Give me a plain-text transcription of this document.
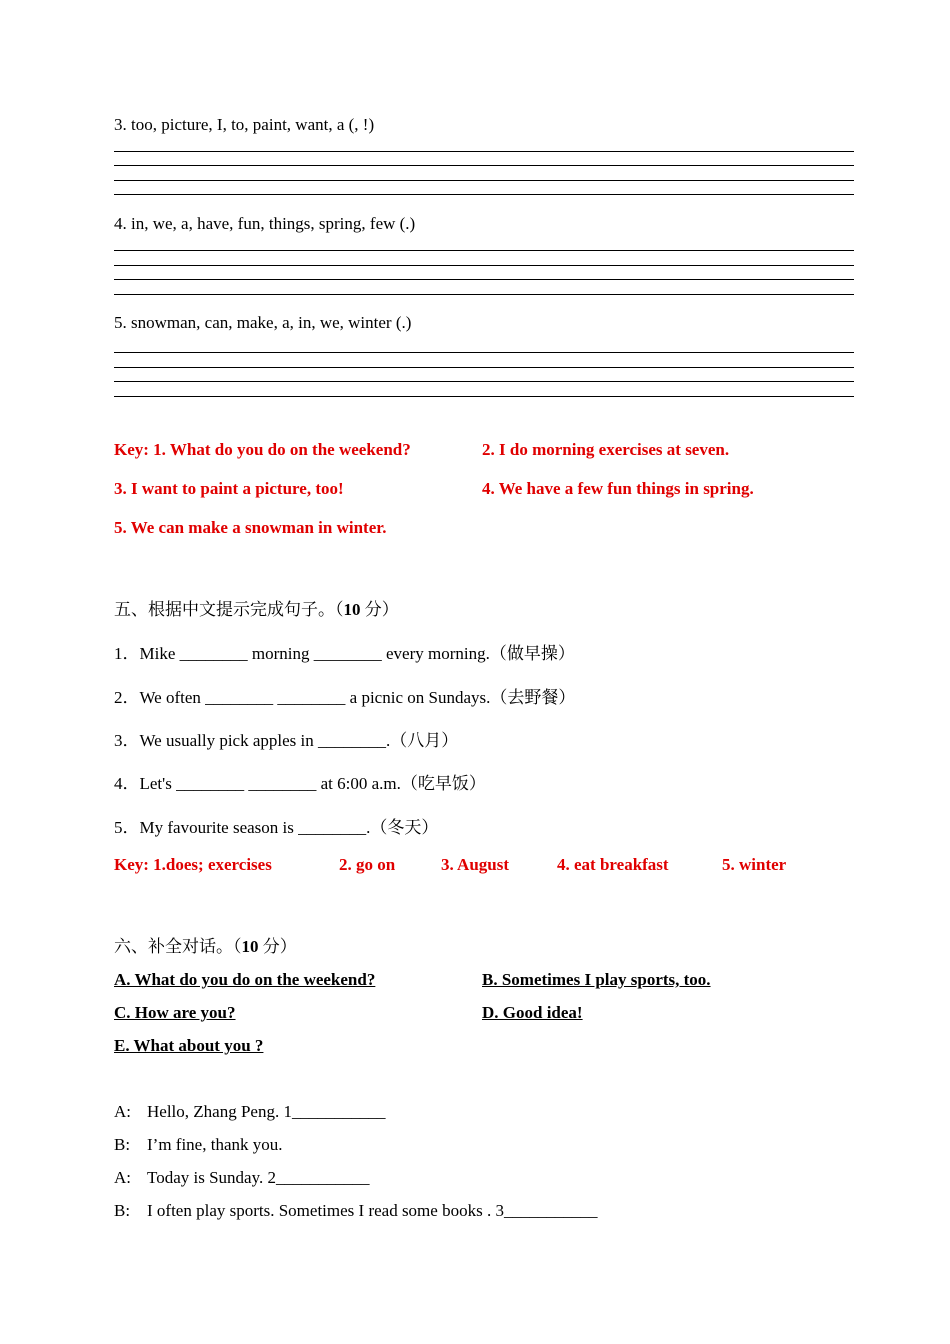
3. too, picture, I, to, paint, want, a (, !)
4. in, we, a, have, fun, things, spring, few (.)
5. snowman, can, make, a, in, we, winter (.)
Key: 1. What do you do on the weekend?	2. I do morning exercises at seven.
3. I want to paint a picture, too!	4. We have a few fun things in spring.
5. We can make a snowman in winter.
五、根据中文提示完成句子。（10 分）
1．Mike ________ morning ________ every morning.（做早操）
2．We often ________ ________ a picnic on Sundays.（去野餐）
3．We usually pick apples in ________.（八月）
4．Let's ________ ________ at 6:00 a.m.（吃早饭）
5．My favourite season is ________.（冬天）
Key: 1.does; exercises	2. go on	3. August	4. eat breakfast	5. winter
六、补全对话。（10 分）
A. What do you do on the weekend?	B. Sometimes I play sports, too.
C. How are you?	D. Good idea!
E. What about you ?
A: Hello, Zhang Peng. 1___________
B: I’m fine, thank you.
A: Today is Sunday. 2___________
B: I often play sports. Sometimes I read some books . 3___________
